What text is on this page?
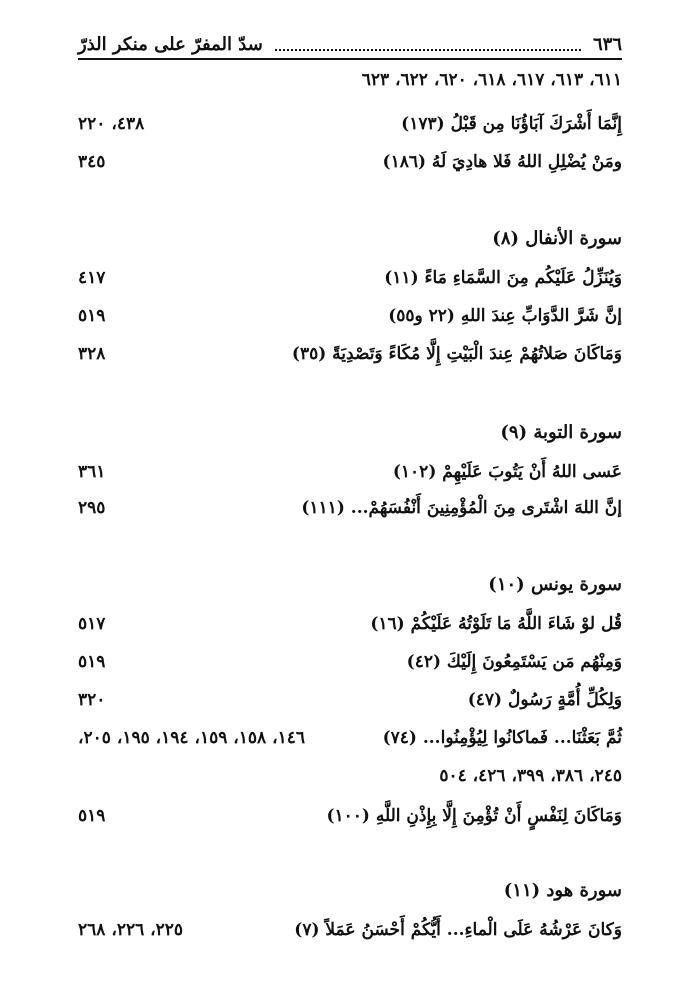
٦٣٦
سدّ المفرّ على منكر الذرّ
٦١١، ٦١٣، ٦١٧، ٦١٨، ٦٢٠، ٦٢٢، ٦٢٣
إِنَّمَا أَشْرَكَ آبَاؤُنَا مِن قَبْلُ (١٧٣)
٤٣٨، ٢٢٠
ومَنْ يُضْلِلِ اللهُ فَلا هادِيَ لَهُ (١٨٦)
٣٤٥
سورة الأنفال (٨)
وَيُنَزِّلُ عَلَيْكُم مِنَ السَّمَاءِ مَاءً (١١)
٤١٧
إنَّ شَرَّ الدَّوَابِّ عِندَ اللهِ (٢٢ و٥٥)
٥١٩
وَمَاكَانَ صَلاتُهُمْ عِندَ الْبَيْتِ إِلَّا مُكَاءً وَتَصْدِيَةً (٣٥)
٣٢٨
سورة التوبة (٩)
عَسى اللهُ أَنْ يَتُوبَ عَلَيْهِمْ (١٠٢)
٣٦١
إنَّ اللهَ اشْتَرى مِنَ الْمُؤْمِنِينَ أَنْفُسَهُمْ... (١١١)
٢٩٥
سورة يونس (١٠)
قُل لوْ شَاءَ اللَّهُ مَا تَلَوْتُهُ عَلَيْكُمْ (١٦)
٥١٧
وَمِنْهُم مَن يَسْتَمِعُونَ إِلَيْكَ (٤٢)
٥١٩
وَلِكُلِّ أُمَّةٍ رَسُولٌ (٤٧)
٣٢٠
ثُمَّ بَعَثْنَا... فَماكانُوا لِيُؤْمِنُوا... (٧٤)
١٤٦، ١٥٨، ١٥٩، ١٩٤، ١٩٥، ٢٠٥،
٢٤٥، ٣٨٦، ٣٩٩، ٤٢٦، ٥٠٤
وَمَاكَانَ لِنَفْسٍ أَنْ تُؤْمِنَ إِلَّا بِإِذْنِ اللَّهِ (١٠٠)
٥١٩
سورة هود (١١)
وَكانَ عَرْشُهُ عَلَى الْماءِ... أَيُّكُمْ أَحْسَنُ عَمَلاً (٧)
٢٢٥، ٢٢٦، ٢٦٨
